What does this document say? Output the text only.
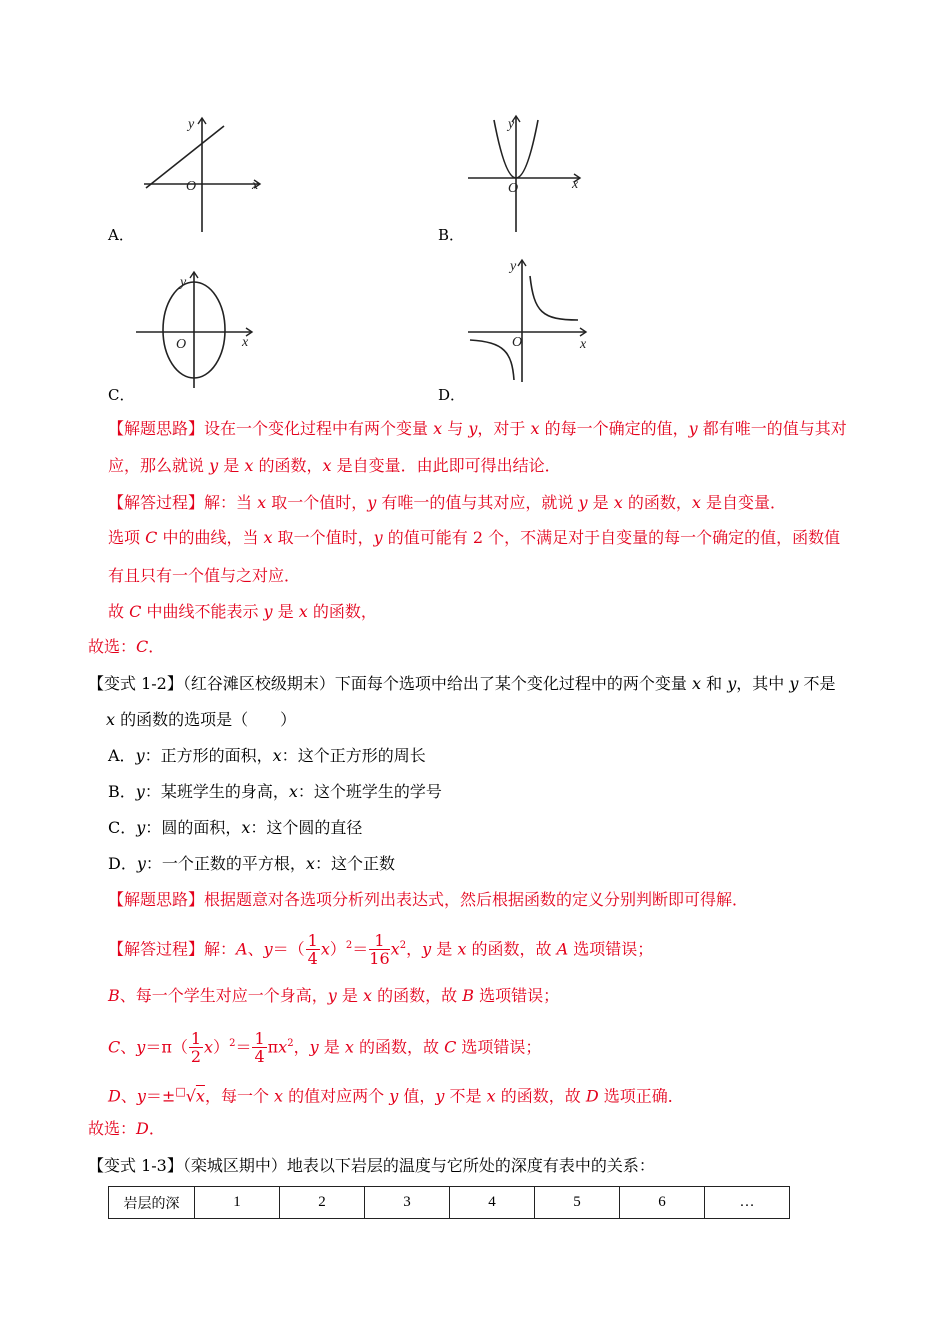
x
y
O
A．
x
y
O
B．
x
y
O
C．
x
y
O
D．
【解题思路】设在一个变化过程中有两个变量 x 与 y，对于 x 的每一个确定的值，y 都有唯一的值与其对
应，那么就说 y 是 x 的函数，x 是自变量．由此即可得出结论．
【解答过程】解：当 x 取一个值时，y 有唯一的值与其对应，就说 y 是 x 的函数，x 是自变量．
选项 C 中的曲线，当 x 取一个值时，y 的值可能有 2 个，不满足对于自变量的每一个确定的值，函数值
有且只有一个值与之对应．
故 C 中曲线不能表示 y 是 x 的函数，
故选：C．
【变式 1-2】（红谷滩区校级期末）下面每个选项中给出了某个变化过程中的两个变量 x 和 y，其中 y 不是
x 的函数的选项是（　　）
A．y：正方形的面积，x：这个正方形的周长
B．y：某班学生的身高，x：这个班学生的学号
C．y：圆的面积，x：这个圆的直径
D．y：一个正数的平方根，x：这个正数
【解题思路】根据题意对各选项分析列出表达式，然后根据函数的定义分别判断即可得解．
【解答过程】解：A、$y=( \frac{1}{4} x)^2= \frac{1}{16} x^2$，y 是 x 的函数，故 A 选项错误；
B、每一个学生对应一个身高，y 是 x 的函数，故 B 选项错误；
C、$y=\pi( \frac{1}{2} x)^2= \frac{1}{4} \pi x^2$，y 是 x 的函数，故 C 选项错误；
D、y＝±□√x，每一个 x 的值对应两个 y 值，y 不是 x 的函数，故 D 选项正确．
故选：D．
【变式 1-3】（栾城区期中）地表以下岩层的温度与它所处的深度有表中的关系：
岩层的深	1	2	3	4	5	6	…
